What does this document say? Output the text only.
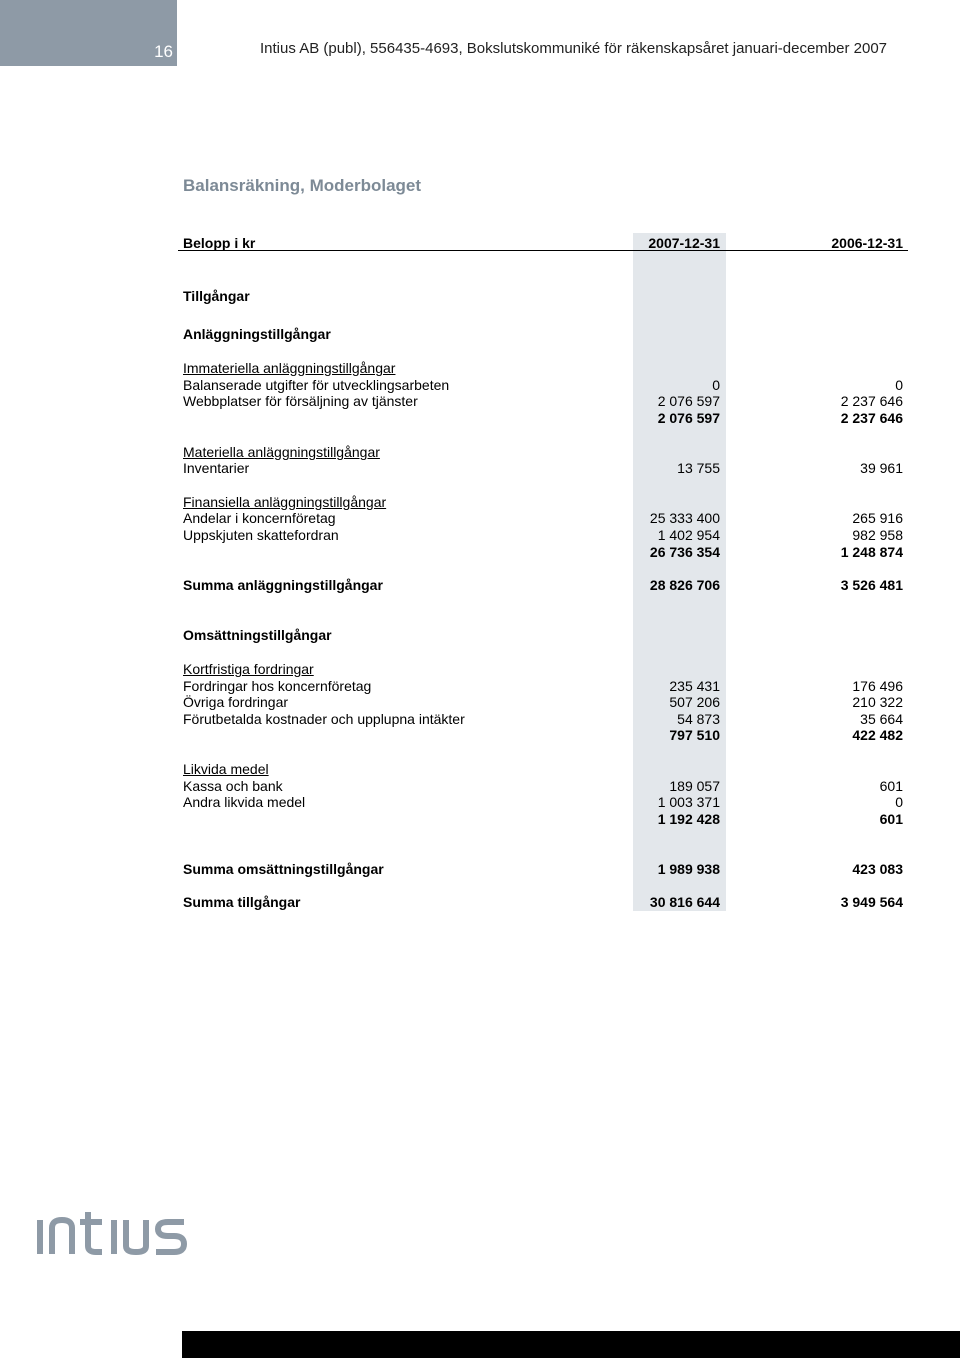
16	Intius AB (publ), 556435-4693, Bokslutskommuniké för räkenskapsåret januari-december 2007
Balansräkning, Moderbolaget
Belopp i kr	2007-12-31	2006-12-31
Tillgångar
Anläggningstillgångar
Immateriella anläggningstillgångar
Balanserade utgifter för utvecklingsarbeten	0	0
Webbplatser för försäljning av tjänster	2 076 597	2 237 646
2 076 597	2 237 646
Materiella anläggningstillgångar
Inventarier	13 755	39 961
Finansiella anläggningstillgångar
Andelar i koncernföretag	25 333 400	265 916
Uppskjuten skattefordran	1 402 954	982 958
26 736 354	1 248 874
Summa anläggningstillgångar	28 826 706	3 526 481
Omsättningstillgångar
Kortfristiga fordringar
Fordringar hos koncernföretag	235 431	176 496
Övriga fordringar	507 206	210 322
Förutbetalda kostnader och upplupna intäkter	54 873	35 664
797 510	422 482
Likvida medel
Kassa och bank	189 057	601
Andra likvida medel	1 003 371	0
1 192 428	601
Summa omsättningstillgångar	1 989 938	423 083
Summa tillgångar	30 816 644	3 949 564
